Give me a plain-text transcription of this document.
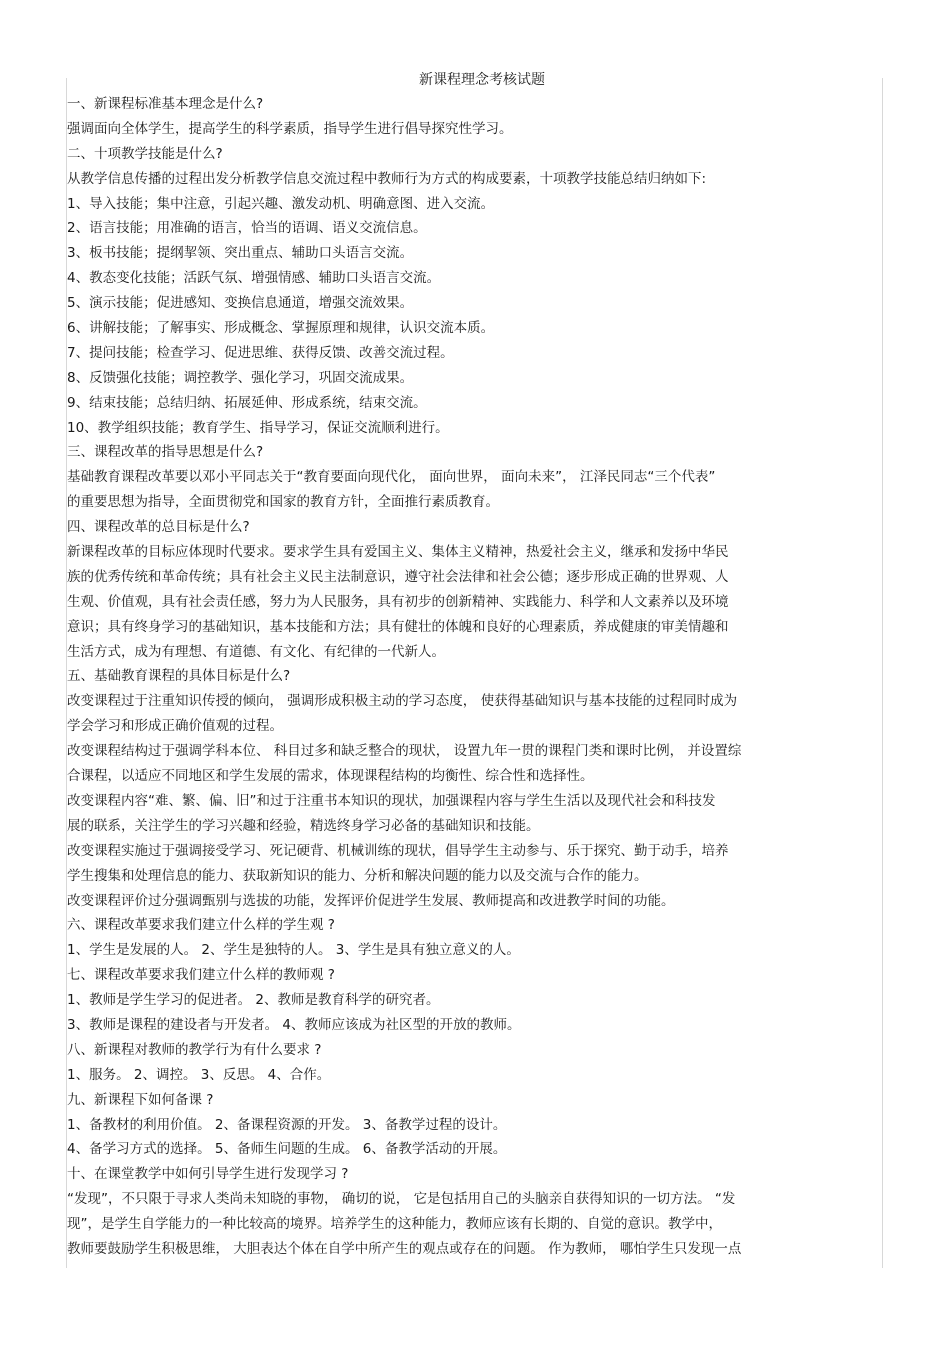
新课程理念考核试题
一、新课程标准基本理念是什么?
强调面向全体学生，提高学生的科学素质，指导学生进行倡导探究性学习。
二、十项教学技能是什么?
从教学信息传播的过程出发分析教学信息交流过程中教师行为方式的构成要素，十项教学技能总结归纳如下:
1、导入技能；集中注意，引起兴趣、激发动机、明确意图、进入交流。
2、语言技能；用准确的语言，恰当的语调、语义交流信息。
3、板书技能；提纲挈领、突出重点、辅助口头语言交流。
4、教态变化技能；活跃气氛、增强情感、辅助口头语言交流。
5、演示技能；促进感知、变换信息通道，增强交流效果。
6、讲解技能；了解事实、形成概念、掌握原理和规律，认识交流本质。
7、提问技能；检查学习、促进思维、获得反馈、改善交流过程。
8、反馈强化技能；调控教学、强化学习，巩固交流成果。
9、结束技能；总结归纳、拓展延伸、形成系统，结束交流。
10、教学组织技能；教育学生、指导学习，保证交流顺利进行。
三、课程改革的指导思想是什么?
基础教育课程改革要以邓小平同志关于“教育要面向现代化， 面向世界， 面向未来”， 江泽民同志“三个代表”
的重要思想为指导，全面贯彻党和国家的教育方针，全面推行素质教育。
四、课程改革的总目标是什么?
新课程改革的目标应体现时代要求。要求学生具有爱国主义、集体主义精神，热爱社会主义，继承和发扬中华民
族的优秀传统和革命传统；具有社会主义民主法制意识，遵守社会法律和社会公德；逐步形成正确的世界观、人
生观、价值观，具有社会责任感，努力为人民服务，具有初步的创新精神、实践能力、科学和人文素养以及环境
意识；具有终身学习的基础知识，基本技能和方法；具有健壮的体魄和良好的心理素质，养成健康的审美情趣和
生活方式，成为有理想、有道德、有文化、有纪律的一代新人。
五、基础教育课程的具体目标是什么?
改变课程过于注重知识传授的倾向， 强调形成积极主动的学习态度， 使获得基础知识与基本技能的过程同时成为
学会学习和形成正确价值观的过程。
改变课程结构过于强调学科本位、 科目过多和缺乏整合的现状， 设置九年一贯的课程门类和课时比例， 并设置综
合课程，以适应不同地区和学生发展的需求，体现课程结构的均衡性、综合性和选择性。
改变课程内容“难、繁、偏、旧”和过于注重书本知识的现状，加强课程内容与学生生活以及现代社会和科技发
展的联系，关注学生的学习兴趣和经验，精选终身学习必备的基础知识和技能。
改变课程实施过于强调接受学习、死记硬背、机械训练的现状，倡导学生主动参与、乐于探究、勤于动手，培养
学生搜集和处理信息的能力、获取新知识的能力、分析和解决问题的能力以及交流与合作的能力。
改变课程评价过分强调甄别与选拔的功能，发挥评价促进学生发展、教师提高和改进教学时间的功能。
六、课程改革要求我们建立什么样的学生观 ?
1、学生是发展的人。 2、学生是独特的人。 3、学生是具有独立意义的人。
七、课程改革要求我们建立什么样的教师观 ?
1、教师是学生学习的促进者。 2、教师是教育科学的研究者。
3、教师是课程的建设者与开发者。 4、教师应该成为社区型的开放的教师。
八、新课程对教师的教学行为有什么要求 ?
1、服务。 2、调控。 3、反思。 4、合作。
九、新课程下如何备课 ?
1、备教材的利用价值。 2、备课程资源的开发。 3、备教学过程的设计。
4、备学习方式的选择。 5、备师生问题的生成。 6、备教学活动的开展。
十、在课堂教学中如何引导学生进行发现学习 ?
“发现”，不只限于寻求人类尚未知晓的事物， 确切的说， 它是包括用自己的头脑亲自获得知识的一切方法。 “发
现”，是学生自学能力的一种比较高的境界。培养学生的这种能力，教师应该有长期的、自觉的意识。教学中，
教师要鼓励学生积极思维， 大胆表达个体在自学中所产生的观点或存在的问题。 作为教师， 哪怕学生只发现一点
